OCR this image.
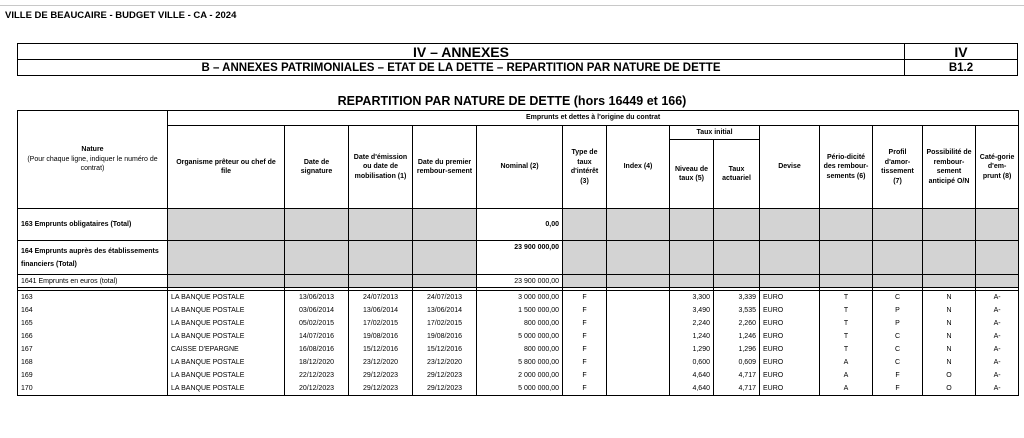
VILLE DE BEAUCAIRE - BUDGET VILLE - CA - 2024
IV – ANNEXES	IV
B – ANNEXES PATRIMONIALES – ETAT DE LA DETTE – REPARTITION PAR NATURE DE DETTE	B1.2
REPARTITION PAR NATURE DE DETTE (hors 16449 et 166)
Nature
(Pour chaque ligne, indiquer le numéro de contrat)	Emprunts et dettes à l'origine du contrat													
	Organisme prêteur ou chef de file	Date de signature	Date d'émission ou date de mobilisation (1)	Date du premier rembour-sement	Nominal (2)	Type de taux d'intérêt (3)	Index (4)	Taux initial		Devise	Pério-dicité des rembour-sements (6)	Profil d'amor-tissement (7)	Possibilité de rembour-sement anticipé O/N	Caté-gorie d'em-prunt (8)
								Niveau de taux (5)	Taux actuariel					
163 Emprunts obligataires (Total)					0,00									
164 Emprunts auprès des établissements financiers (Total)					23 900 000,00									
1641 Emprunts en euros (total)					23 900 000,00									

163	LA BANQUE POSTALE	13/06/2013	24/07/2013	24/07/2013	3 000 000,00	F		3,300	3,339	EURO	T	C	N	A-
164	LA BANQUE POSTALE	03/06/2014	13/06/2014	13/06/2014	1 500 000,00	F		3,490	3,535	EURO	T	P	N	A-
165	LA BANQUE POSTALE	05/02/2015	17/02/2015	17/02/2015	800 000,00	F		2,240	2,260	EURO	T	P	N	A-
166	LA BANQUE POSTALE	14/07/2016	19/08/2016	19/08/2016	5 000 000,00	F		1,240	1,246	EURO	T	C	N	A-
167	CAISSE D'EPARGNE	16/08/2016	15/12/2016	15/12/2016	800 000,00	F		1,290	1,296	EURO	T	C	N	A-
168	LA BANQUE POSTALE	18/12/2020	23/12/2020	23/12/2020	5 800 000,00	F		0,600	0,609	EURO	A	C	N	A-
169	LA BANQUE POSTALE	22/12/2023	29/12/2023	29/12/2023	2 000 000,00	F		4,640	4,717	EURO	A	F	O	A-
170	LA BANQUE POSTALE	20/12/2023	29/12/2023	29/12/2023	5 000 000,00	F		4,640	4,717	EURO	A	F	O	A-
